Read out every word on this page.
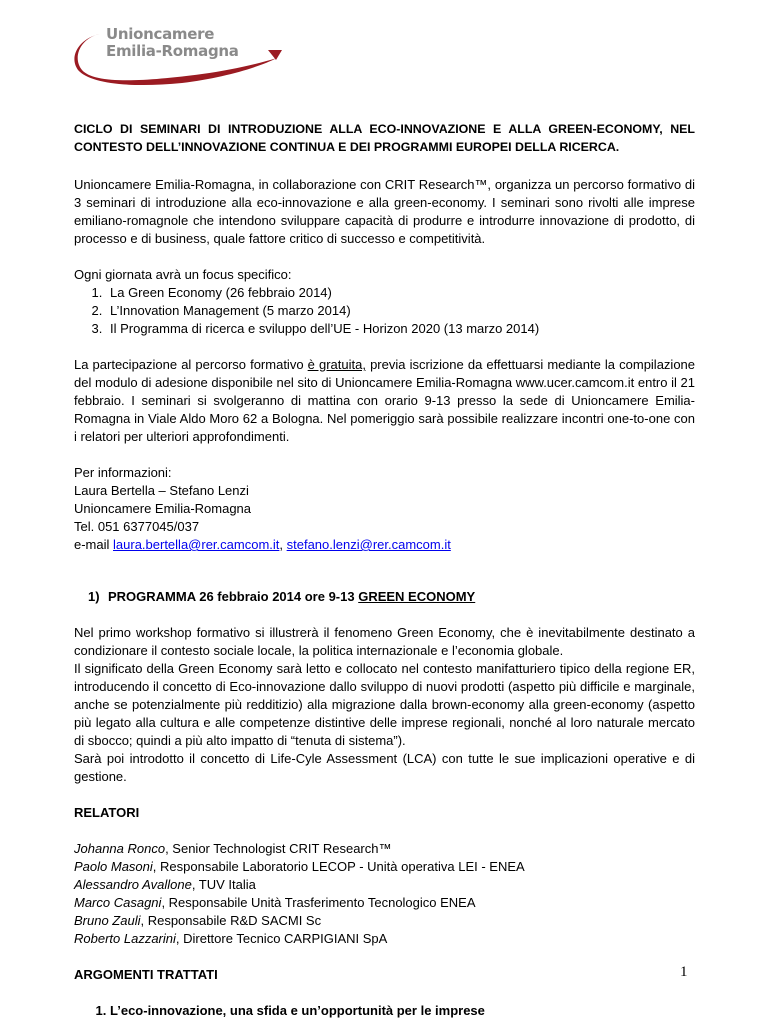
Unioncamere
Emilia-Romagna

CICLO DI SEMINARI DI INTRODUZIONE ALLA ECO-INNOVAZIONE E ALLA GREEN-ECONOMY, NEL CONTESTO DELL’INNOVAZIONE CONTINUA E DEI PROGRAMMI EUROPEI DELLA RICERCA.

Unioncamere Emilia-Romagna, in collaborazione con CRIT Research™, organizza un percorso formativo di 3 seminari di introduzione alla eco-innovazione e alla green-economy. I seminari sono rivolti alle imprese emiliano-romagnole che intendono sviluppare capacità di produrre e introdurre innovazione di prodotto, di processo e di business, quale fattore critico di successo e competitività.

Ogni giornata avrà un focus specifico:

1. La Green Economy (26 febbraio 2014)
2. L’Innovation Management (5 marzo 2014)
3. Il Programma di ricerca e sviluppo dell’UE - Horizon 2020 (13 marzo 2014)

La partecipazione al percorso formativo è gratuita, previa iscrizione da effettuarsi mediante la compilazione del modulo di adesione disponibile nel sito di Unioncamere Emilia-Romagna www.ucer.camcom.it entro il 21 febbraio. I seminari si svolgeranno di mattina con orario 9-13 presso la sede di Unioncamere Emilia-Romagna in Viale Aldo Moro 62 a Bologna. Nel pomeriggio sarà possibile realizzare incontri one-to-one con i relatori per ulteriori approfondimenti.

Per informazioni:

Laura Bertella – Stefano Lenzi

Unioncamere Emilia-Romagna

Tel. 051 6377045/037

e-mail laura.bertella@rer.camcom.it, stefano.lenzi@rer.camcom.it

1) PROGRAMMA 26 febbraio 2014 ore 9-13 GREEN ECONOMY

Nel primo workshop formativo si illustrerà il fenomeno Green Economy, che è inevitabilmente destinato a condizionare il contesto sociale locale, la politica internazionale e l’economia globale.

Il significato della Green Economy sarà letto e collocato nel contesto manifatturiero tipico della regione ER, introducendo il concetto di Eco-innovazione dallo sviluppo di nuovi prodotti (aspetto più difficile e marginale, anche se potenzialmente più redditizio) alla migrazione dalla brown-economy alla green-economy (aspetto più legato alla cultura e alle competenze distintive delle imprese regionali, nonché al loro naturale mercato di sbocco; quindi a più alto impatto di “tenuta di sistema”).

Sarà poi introdotto il concetto di Life-Cyle Assessment (LCA) con tutte le sue implicazioni operative e di gestione.

RELATORI

Johanna Ronco, Senior Technologist CRIT Research™

Paolo Masoni, Responsabile Laboratorio LECOP - Unità operativa LEI - ENEA

Alessandro Avallone, TUV Italia

Marco Casagni, Responsabile Unità Trasferimento Tecnologico ENEA

Bruno Zauli, Responsabile R&D SACMI Sc

Roberto Lazzarini, Direttore Tecnico CARPIGIANI SpA

ARGOMENTI TRATTATI

1. L’eco-innovazione, una sfida e un’opportunità per le imprese
1
